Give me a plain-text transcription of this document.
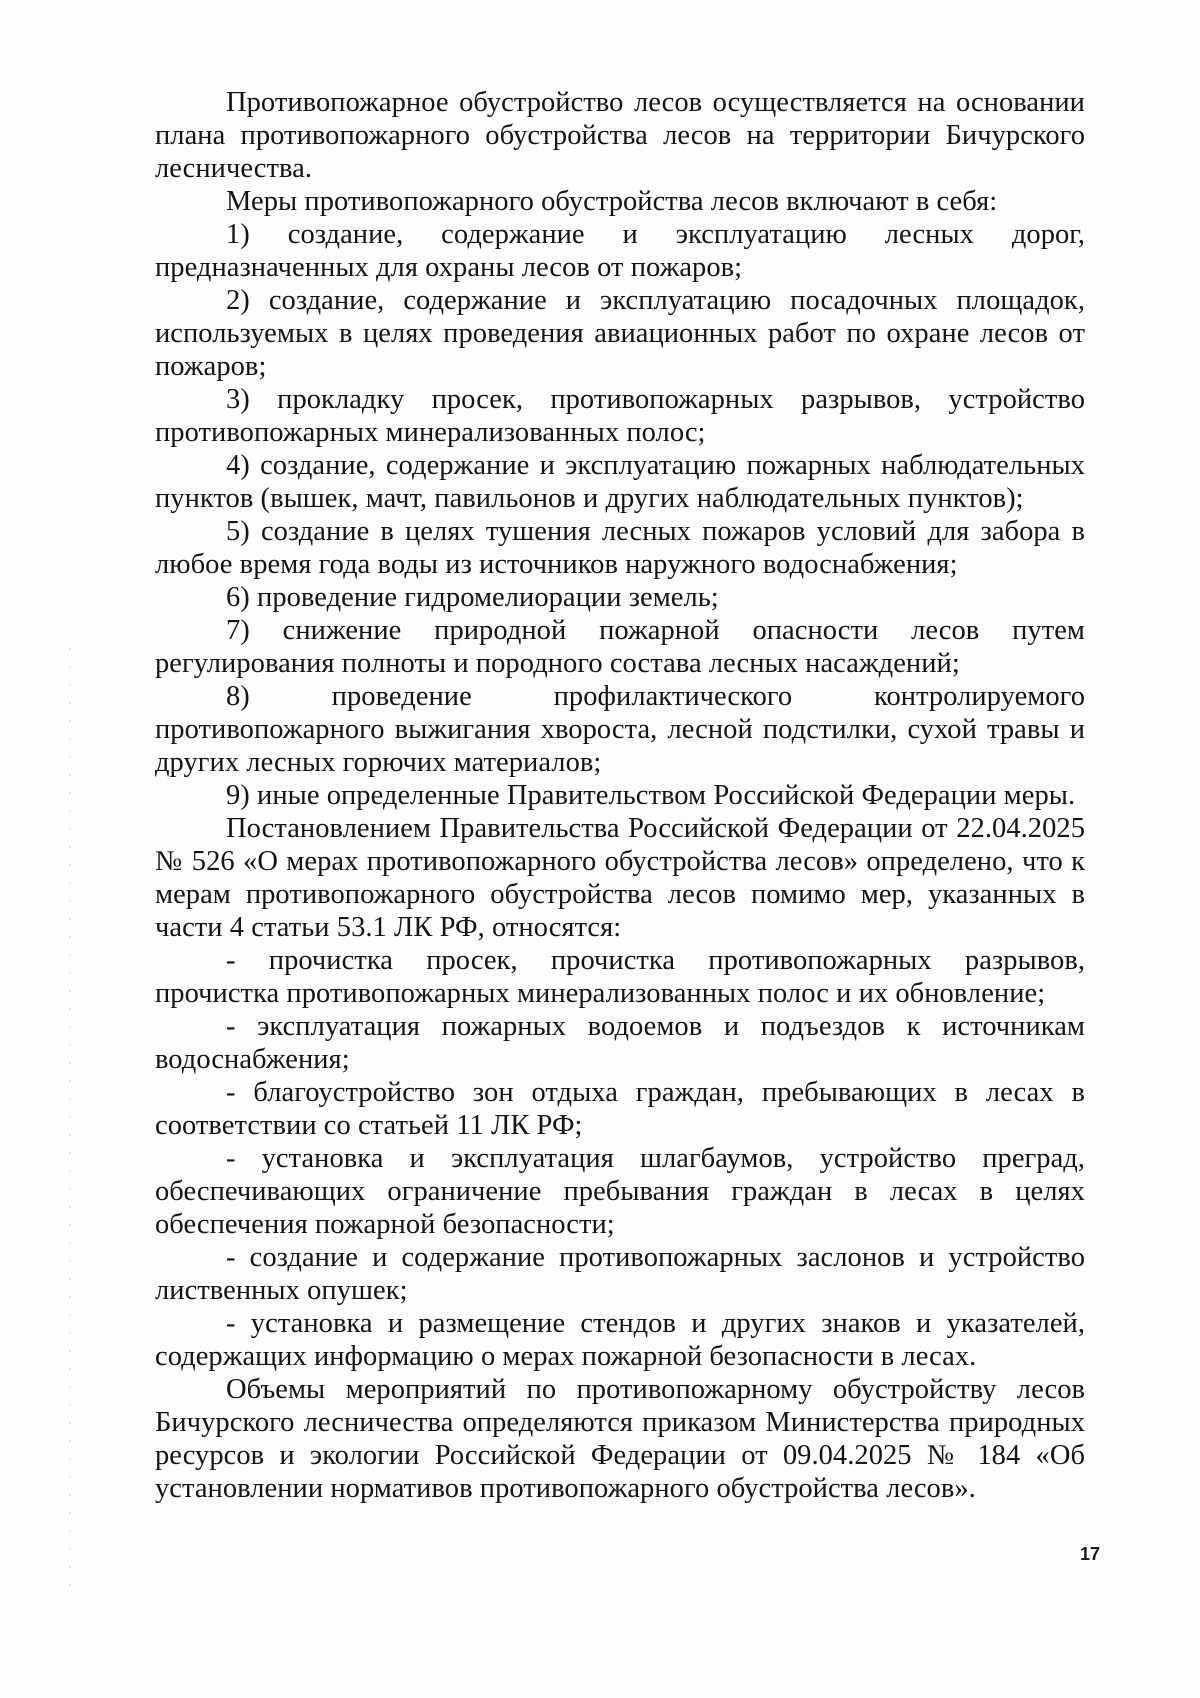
Противопожарное обустройство лесов осуществляется на основании плана противопожарного обустройства лесов на территории Бичурского лесничества.

Меры противопожарного обустройства лесов включают в себя:

1) создание, содержание и эксплуатацию лесных дорог, предназначенных для охраны лесов от пожаров;

2) создание, содержание и эксплуатацию посадочных площадок, используемых в целях проведения авиационных работ по охране лесов от пожаров;

3) прокладку просек, противопожарных разрывов, устройство противопожарных минерализованных полос;

4) создание, содержание и эксплуатацию пожарных наблюдательных пунктов (вышек, мачт, павильонов и других наблюдательных пунктов);

5) создание в целях тушения лесных пожаров условий для забора в любое время года воды из источников наружного водоснабжения;

6) проведение гидромелиорации земель;

7) снижение природной пожарной опасности лесов путем регулирования полноты и породного состава лесных насаждений;

8) проведение профилактического контролируемого противопожарного выжигания хвороста, лесной подстилки, сухой травы и других лесных горючих материалов;

9) иные определенные Правительством Российской Федерации меры.

Постановлением Правительства Российской Федерации от 22.04.2025 № 526 «О мерах противопожарного обустройства лесов» определено, что к мерам противопожарного обустройства лесов помимо мер, указанных в части 4 статьи 53.1 ЛК РФ, относятся:

- прочистка просек, прочистка противопожарных разрывов, прочистка противопожарных минерализованных полос и их обновление;

- эксплуатация пожарных водоемов и подъездов к источникам водоснабжения;

- благоустройство зон отдыха граждан, пребывающих в лесах в соответствии со статьей 11 ЛК РФ;

- установка и эксплуатация шлагбаумов, устройство преград, обеспечивающих ограничение пребывания граждан в лесах в целях обеспечения пожарной безопасности;

- создание и содержание противопожарных заслонов и устройство лиственных опушек;

- установка и размещение стендов и других знаков и указателей, содержащих информацию о мерах пожарной безопасности в лесах.

Объемы мероприятий по противопожарному обустройству лесов Бичурского лесничества определяются приказом Министерства природных ресурсов и экологии Российской Федерации от 09.04.2025 № 184 «Об установлении нормативов противопожарного обустройства лесов».

17
